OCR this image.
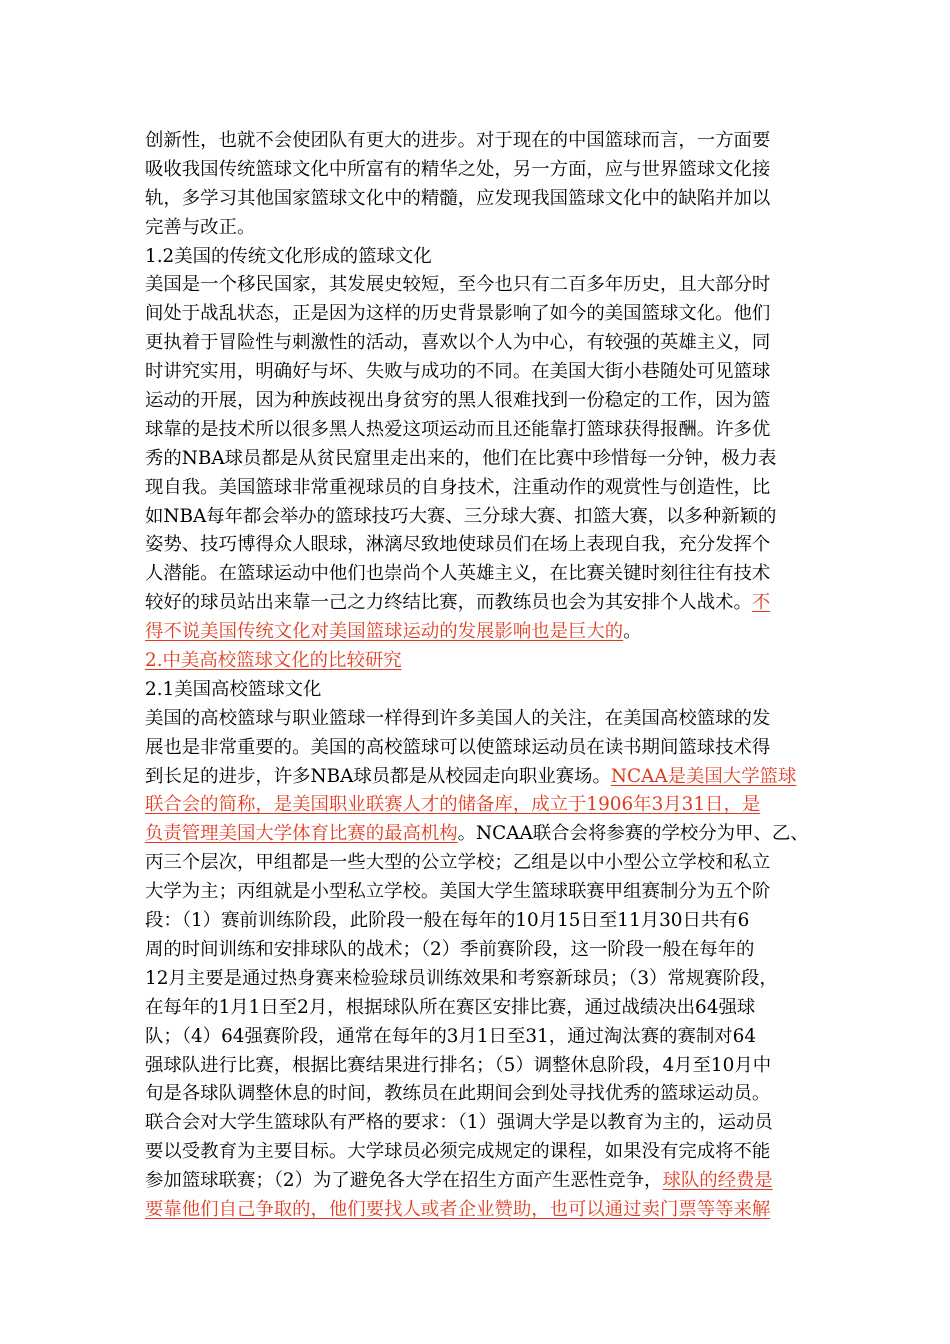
创新性，也就不会使团队有更大的进步。对于现在的中国篮球而言，一方面要
吸收我国传统篮球文化中所富有的精华之处，另一方面，应与世界篮球文化接
轨，多学习其他国家篮球文化中的精髓，应发现我国篮球文化中的缺陷并加以
完善与改正。
1.2美国的传统文化形成的篮球文化
美国是一个移民国家，其发展史较短，至今也只有二百多年历史，且大部分时
间处于战乱状态，正是因为这样的历史背景影响了如今的美国篮球文化。他们
更执着于冒险性与刺激性的活动，喜欢以个人为中心，有较强的英雄主义，同
时讲究实用，明确好与坏、失败与成功的不同。在美国大街小巷随处可见篮球
运动的开展，因为种族歧视出身贫穷的黑人很难找到一份稳定的工作，因为篮
球靠的是技术所以很多黑人热爱这项运动而且还能靠打篮球获得报酬。许多优
秀的NBA球员都是从贫民窟里走出来的，他们在比赛中珍惜每一分钟，极力表
现自我。美国篮球非常重视球员的自身技术，注重动作的观赏性与创造性，比
如NBA每年都会举办的篮球技巧大赛、三分球大赛、扣篮大赛，以多种新颖的
姿势、技巧博得众人眼球，淋漓尽致地使球员们在场上表现自我，充分发挥个
人潜能。在篮球运动中他们也崇尚个人英雄主义，在比赛关键时刻往往有技术
较好的球员站出来靠一己之力终结比赛，而教练员也会为其安排个人战术。不
得不说美国传统文化对美国篮球运动的发展影响也是巨大的。
2.中美高校篮球文化的比较研究
2.1美国高校篮球文化
美国的高校篮球与职业篮球一样得到许多美国人的关注，在美国高校篮球的发
展也是非常重要的。美国的高校篮球可以使篮球运动员在读书期间篮球技术得
到长足的进步，许多NBA球员都是从校园走向职业赛场。NCAA是美国大学篮球
联合会的简称，是美国职业联赛人才的储备库，成立于1906年3月31日，是
负责管理美国大学体育比赛的最高机构。NCAA联合会将参赛的学校分为甲、乙、
丙三个层次，甲组都是一些大型的公立学校；乙组是以中小型公立学校和私立
大学为主；丙组就是小型私立学校。美国大学生篮球联赛甲组赛制分为五个阶
段：（1）赛前训练阶段，此阶段一般在每年的10月15日至11月30日共有6
周的时间训练和安排球队的战术；（2）季前赛阶段，这一阶段一般在每年的
12月主要是通过热身赛来检验球员训练效果和考察新球员；（3）常规赛阶段，
在每年的1月1日至2月，根据球队所在赛区安排比赛，通过战绩决出64强球
队；（4）64强赛阶段，通常在每年的3月1日至31，通过淘汰赛的赛制对64
强球队进行比赛，根据比赛结果进行排名；（5）调整休息阶段，4月至10月中
旬是各球队调整休息的时间，教练员在此期间会到处寻找优秀的篮球运动员。
联合会对大学生篮球队有严格的要求：（1）强调大学是以教育为主的，运动员
要以受教育为主要目标。大学球员必须完成规定的课程，如果没有完成将不能
参加篮球联赛；（2）为了避免各大学在招生方面产生恶性竞争，球队的经费是
要靠他们自己争取的，他们要找人或者企业赞助，也可以通过卖门票等等来解
